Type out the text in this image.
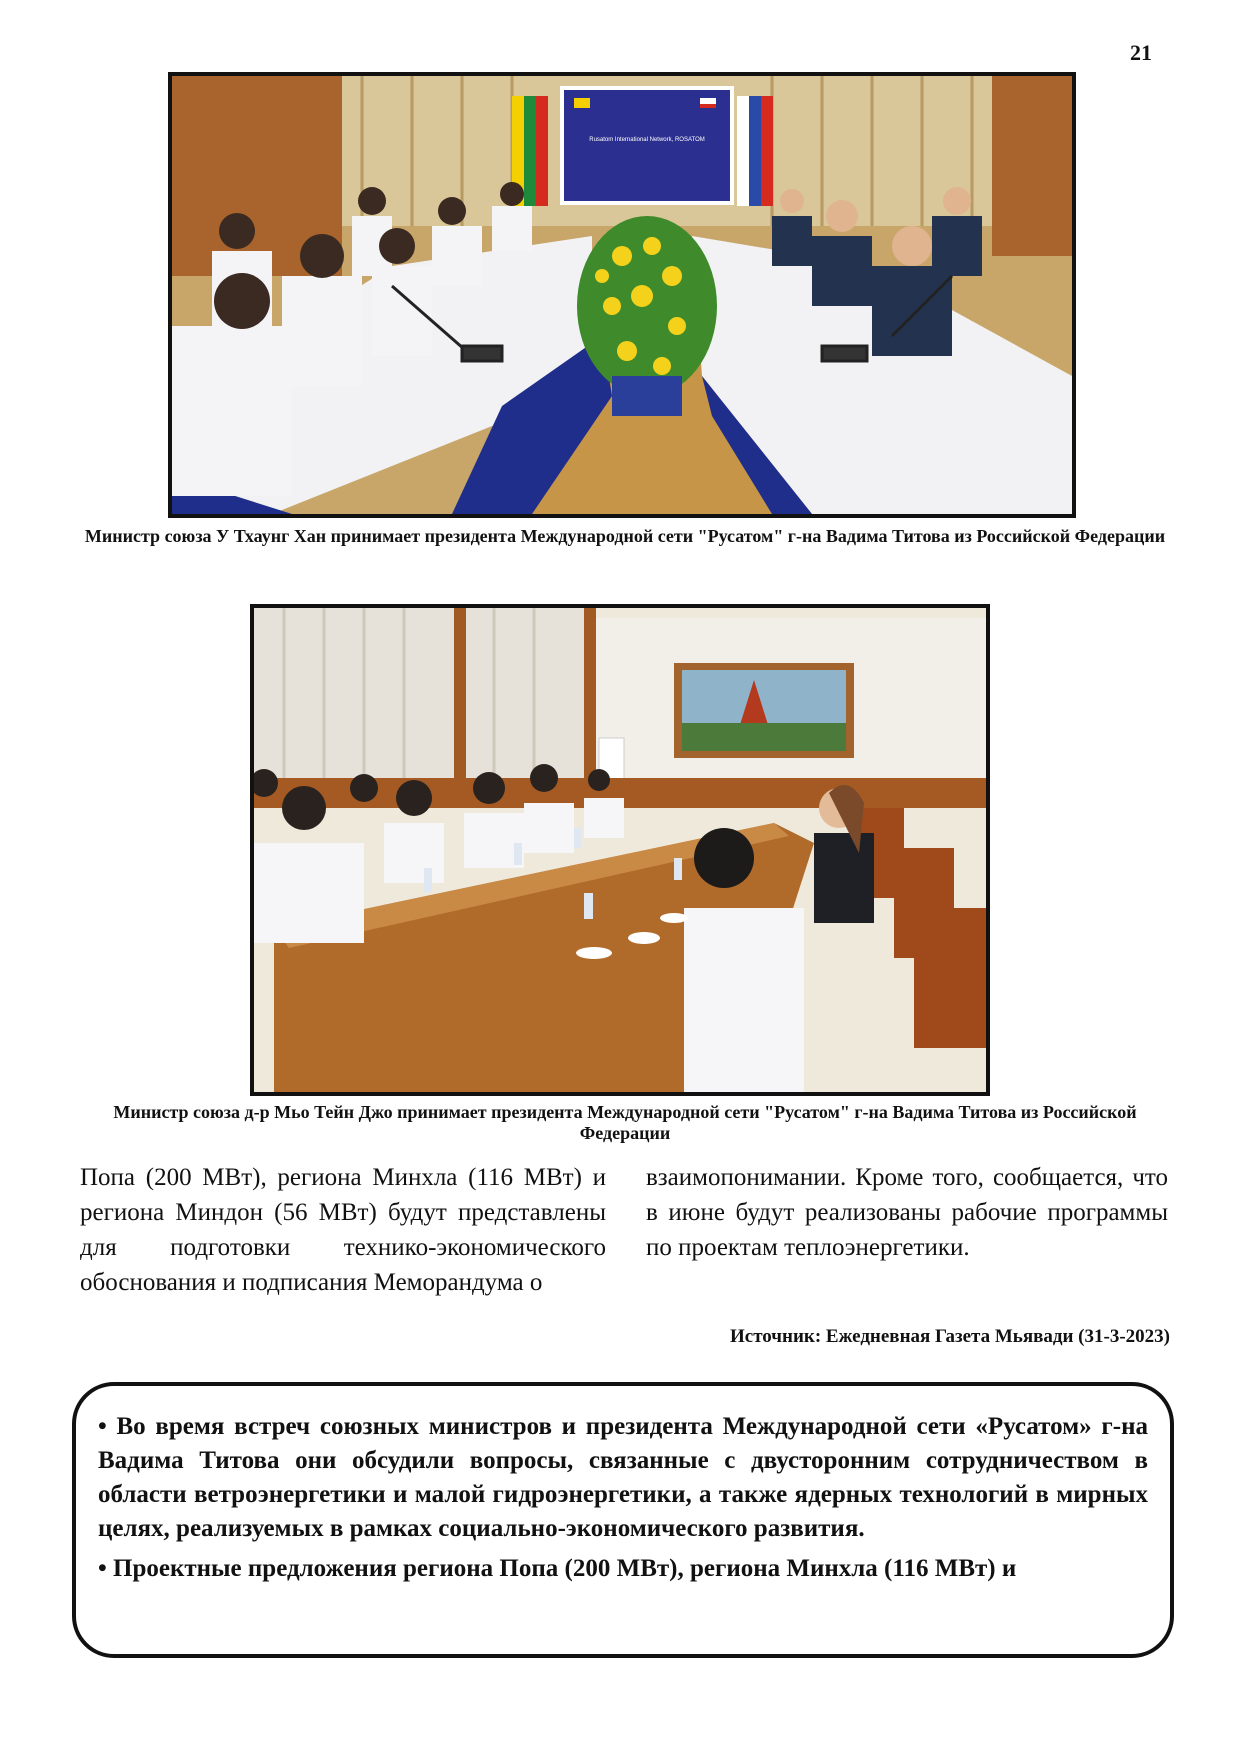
21
Rusatom International Network, ROSATOM
Министр союза У Тхаунг Хан принимает президента Международной сети "Русатом" г-на Вадима Титова из Российской Федерации
Министр союза д-р Мьо Тейн Джо принимает президента Международной сети "Русатом" г-на Вадима Титова из Российской Федерации
Попа (200 МВт), региона Минхла (116 МВт) и региона Миндон (56 МВт) будут представлены для подготовки технико-экономического обоснования и подписания Меморандума о
взаимопонимании. Кроме того, сообщается, что в июне будут реализованы рабочие программы по проектам теплоэнергетики.
Источник: Ежедневная Газета Мьявади (31-3-2023)

• Во время встреч союзных министров и президента Международной сети «Русатом» г-на Вадима Титова они обсудили вопросы, связанные с двусторонним сотрудничеством в области ветроэнергетики и малой гидроэнергетики, а также ядерных технологий в мирных целях, реализуемых в рамках социально-экономического развития.

• Проектные предложения региона Попа (200 МВт), региона Минхла (116 МВт) и
